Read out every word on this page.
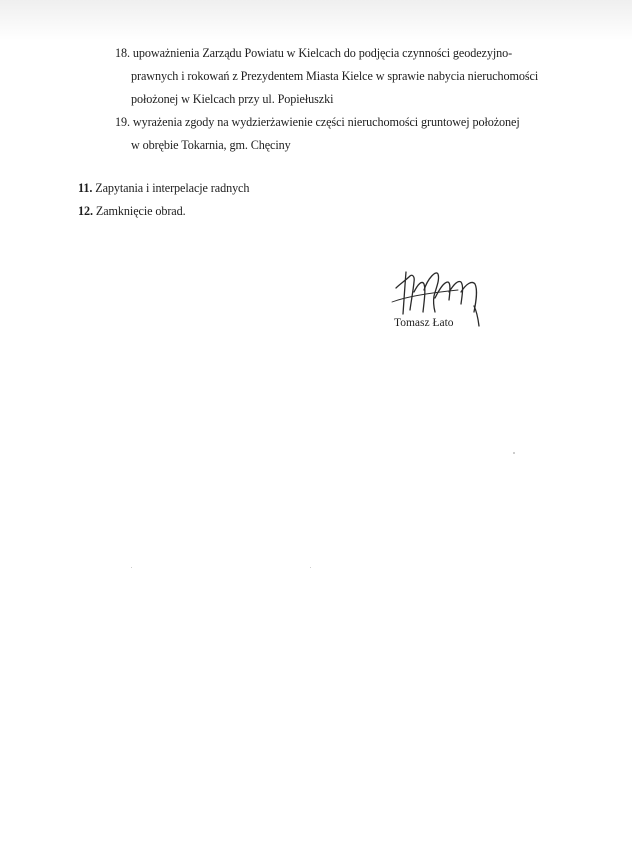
18. upoważnienia Zarządu Powiatu w Kielcach do podjęcia czynności geodezyjno-
prawnych i rokowań z Prezydentem Miasta Kielce w sprawie nabycia nieruchomości
położonej w Kielcach przy ul. Popiełuszki
19. wyrażenia zgody na wydzierżawienie części nieruchomości gruntowej położonej
w obrębie Tokarnia, gm. Chęciny
11. Zapytania i interpelacje radnych
12. Zamknięcie obrad.
Tomasz Łato
